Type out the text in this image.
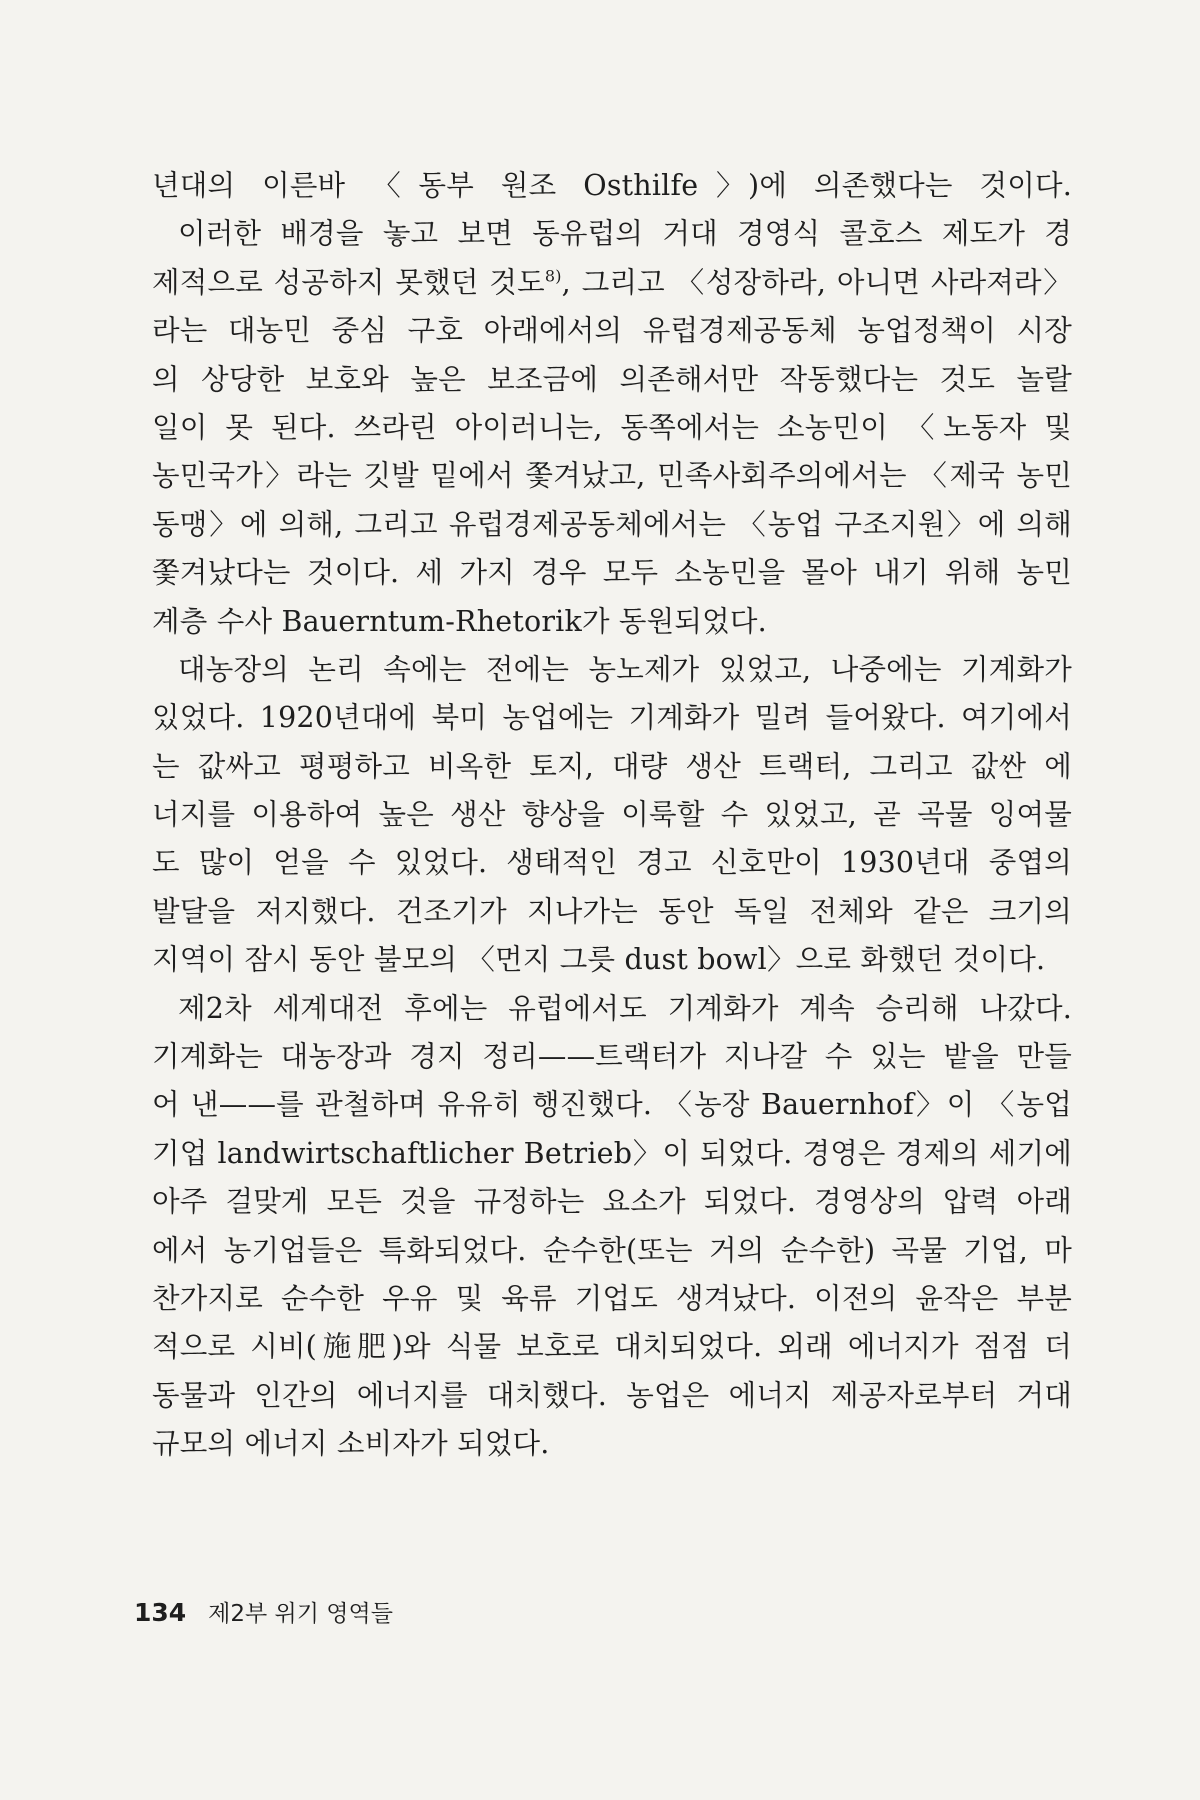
년대의 이른바 〈동부 원조 Osthilfe〉)에 의존했다는 것이다.
이러한 배경을 놓고 보면 동유럽의 거대 경영식 콜호스 제도가 경
제적으로 성공하지 못했던 것도$^{8)}$, 그리고 〈성장하라, 아니면 사라져라〉
라는 대농민 중심 구호 아래에서의 유럽경제공동체 농업정책이 시장
의 상당한 보호와 높은 보조금에 의존해서만 작동했다는 것도 놀랄
일이 못 된다. 쓰라린 아이러니는, 동쪽에서는 소농민이 〈노동자 및
농민국가〉라는 깃발 밑에서 쫓겨났고, 민족사회주의에서는 〈제국 농민
동맹〉에 의해, 그리고 유럽경제공동체에서는 〈농업 구조지원〉에 의해
쫓겨났다는 것이다. 세 가지 경우 모두 소농민을 몰아 내기 위해 농민
계층 수사 Bauerntum-Rhetorik가 동원되었다.
대농장의 논리 속에는 전에는 농노제가 있었고, 나중에는 기계화가
있었다. 1920년대에 북미 농업에는 기계화가 밀려 들어왔다. 여기에서
는 값싸고 평평하고 비옥한 토지, 대량 생산 트랙터, 그리고 값싼 에
너지를 이용하여 높은 생산 향상을 이룩할 수 있었고, 곧 곡물 잉여물
도 많이 얻을 수 있었다. 생태적인 경고 신호만이 1930년대 중엽의
발달을 저지했다. 건조기가 지나가는 동안 독일 전체와 같은 크기의
지역이 잠시 동안 불모의 〈먼지 그릇 dust bowl〉으로 화했던 것이다.
제2차 세계대전 후에는 유럽에서도 기계화가 계속 승리해 나갔다.
기계화는 대농장과 경지 정리——트랙터가 지나갈 수 있는 밭을 만들
어 낸——를 관철하며 유유히 행진했다. 〈농장 Bauernhof〉이 〈농업
기업 landwirtschaftlicher Betrieb〉이 되었다. 경영은 경제의 세기에
아주 걸맞게 모든 것을 규정하는 요소가 되었다. 경영상의 압력 아래
에서 농기업들은 특화되었다. 순수한(또는 거의 순수한) 곡물 기업, 마
찬가지로 순수한 우유 및 육류 기업도 생겨났다. 이전의 윤작은 부분
적으로 시비(施肥)와 식물 보호로 대치되었다. 외래 에너지가 점점 더
동물과 인간의 에너지를 대치했다. 농업은 에너지 제공자로부터 거대
규모의 에너지 소비자가 되었다.
134 제2부 위기 영역들
